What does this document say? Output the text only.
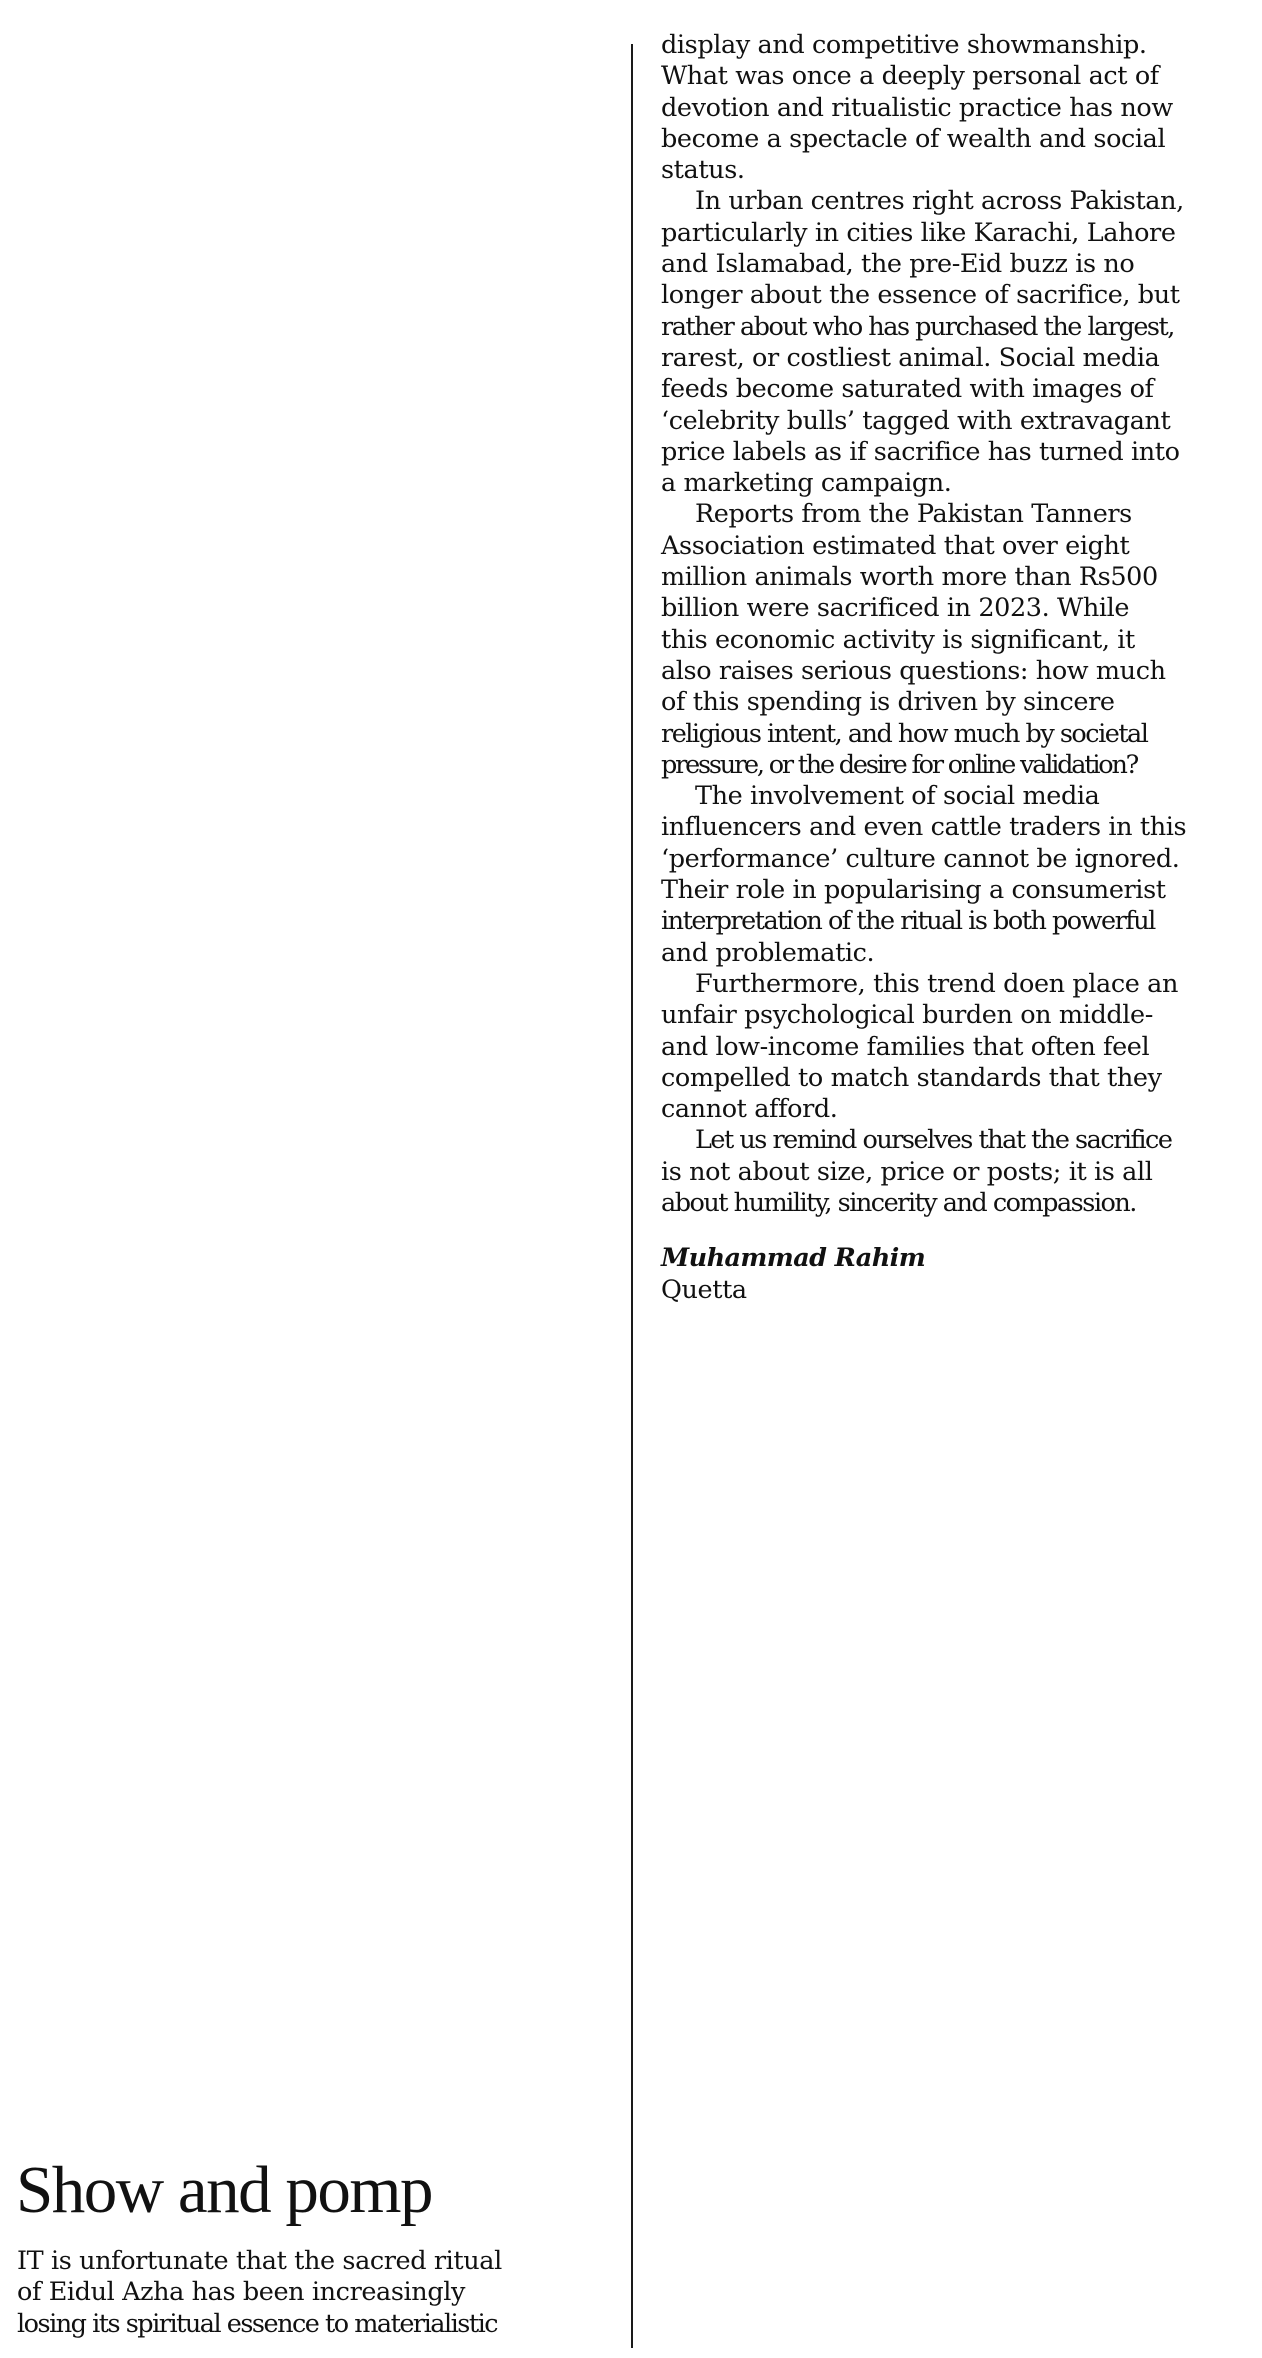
Show and pomp
IT is unfortunate that the sacred ritual
of Eidul Azha has been increasingly
losing its spiritual essence to materialistic
display and competitive showmanship.
What was once a deeply personal act of
devotion and ritualistic practice has now
become a spectacle of wealth and social
status.
In urban centres right across Pakistan,
particularly in cities like Karachi, Lahore
and Islamabad, the pre-Eid buzz is no
longer about the essence of sacrifice, but
rather about who has purchased the largest,
rarest, or costliest animal. Social media
feeds become saturated with images of
‘celebrity bulls’ tagged with extravagant
price labels as if sacrifice has turned into
a marketing campaign.
Reports from the Pakistan Tanners
Association estimated that over eight
million animals worth more than Rs500
billion were sacrificed in 2023. While
this economic activity is significant, it
also raises serious questions: how much
of this spending is driven by sincere
religious intent, and how much by societal
pressure, or the desire for online validation?
The involvement of social media
influencers and even cattle traders in this
‘performance’ culture cannot be ignored.
Their role in popularising a consumerist
interpretation of the ritual is both powerful
and problematic.
Furthermore, this trend doen place an
unfair psychological burden on middle-
and low-income families that often feel
compelled to match standards that they
cannot afford.
Let us remind ourselves that the sacrifice
is not about size, price or posts; it is all
about humility, sincerity and compassion.
Muhammad Rahim
Quetta
